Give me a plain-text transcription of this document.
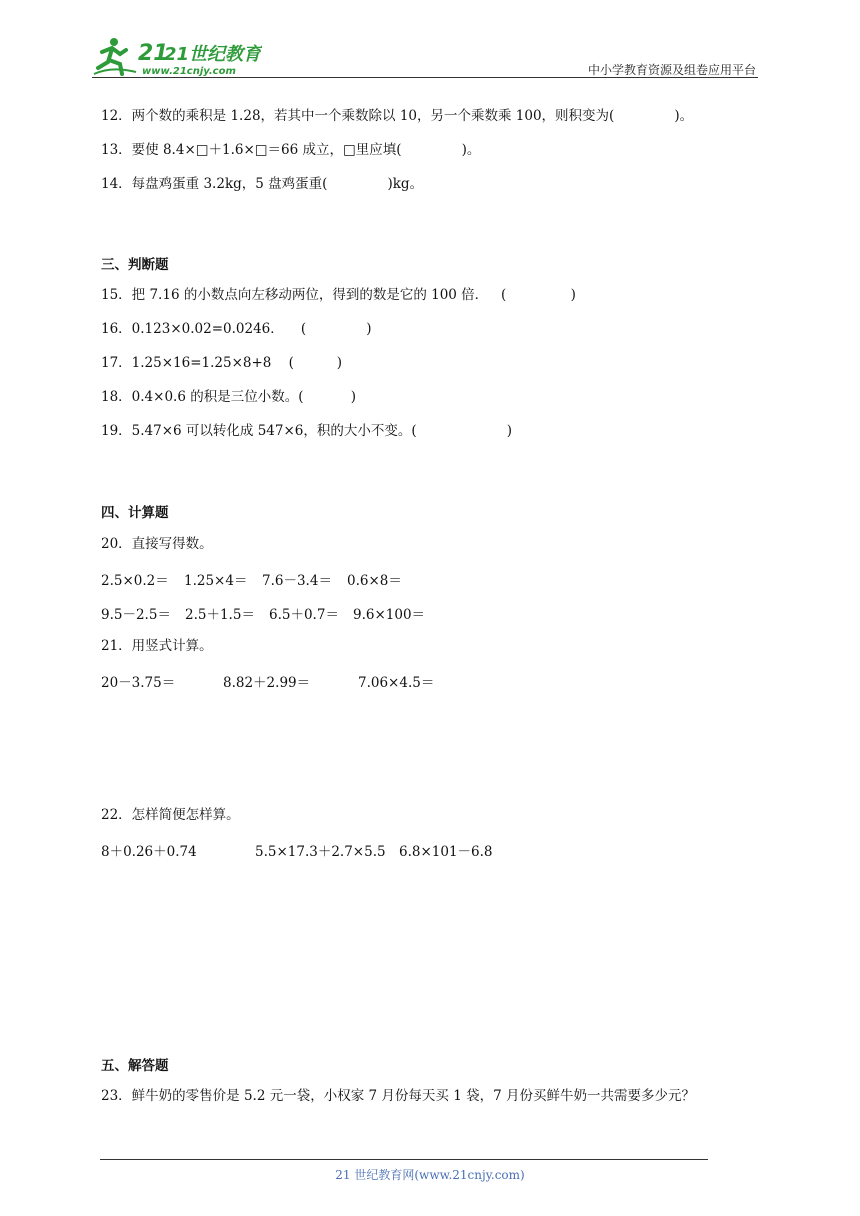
21
21世纪教育
www.21cnjy.com	中小学教育资源及组卷应用平台
12．两个数的乘积是 1.28，若其中一个乘数除以 10，另一个乘数乘 100，则积变为(              )。
13．要使 8.4×□＋1.6×□＝66 成立，□里应填(              )。
14．每盘鸡蛋重 3.2kg，5 盘鸡蛋重(              )kg。
三、判断题
15．把 7.16 的小数点向左移动两位，得到的数是它的 100 倍．   (               )
16．0.123×0.02=0.0246．    (              )
17．1.25×16=1.25×8+8    (          )
18．0.4×0.6 的积是三位小数。(           )
19．5.47×6 可以转化成 547×6，积的大小不变。(                     )
四、计算题
20．直接写得数。
2.5×0.2＝ 1.25×4＝ 7.6－3.4＝ 0.6×8＝
9.5－2.5＝ 2.5＋1.5＝ 6.5＋0.7＝ 9.6×100＝
21．用竖式计算。
20－3.75＝	8.82＋2.99＝	7.06×4.5＝
22．怎样简便怎样算。
8＋0.26＋0.74	5.5×17.3＋2.7×5.5 6.8×101－6.8
五、解答题
23．鲜牛奶的零售价是 5.2 元一袋，小权家 7 月份每天买 1 袋，7 月份买鲜牛奶一共需要多少元？
21 世纪教育网(www.21cnjy.com)
